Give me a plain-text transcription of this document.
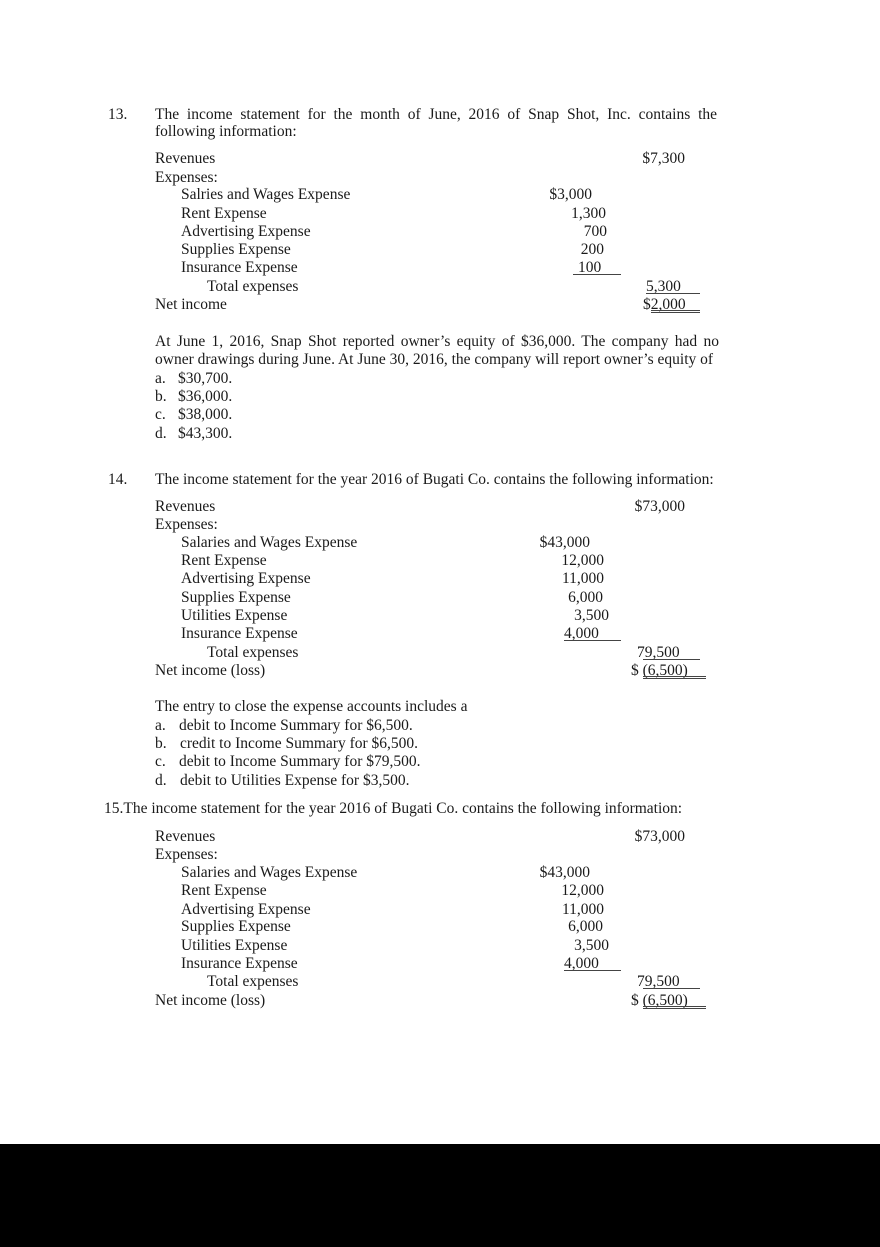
13. The income statement for the month of June, 2016 of Snap Shot, Inc. contains the
following information:
Revenues	$7,300
Expenses:
Salries and Wages Expense	$3,000
Rent Expense	1,300
Advertising Expense	700
Supplies Expense	200
Insurance Expense	100
Total expenses	5,300
Net income	$2,000
At June 1, 2016, Snap Shot reported owner’s equity of $36,000. The company had no
owner drawings during June. At June 30, 2016, the company will report owner’s equity of
a. $30,700.
b. $36,000.
c. $38,000.
d. $43,300.
14. The income statement for the year 2016 of Bugati Co. contains the following information:
Revenues	$73,000
Expenses:
Salaries and Wages Expense	$43,000
Rent Expense	12,000
Advertising Expense	11,000
Supplies Expense	6,000
Utilities Expense	3,500
Insurance Expense	4,000
Total expenses	79,500
Net income (loss)	$ (6,500)
The entry to close the expense accounts includes a
a. debit to Income Summary for $6,500.
b. credit to Income Summary for $6,500.
c. debit to Income Summary for $79,500.
d. debit to Utilities Expense for $3,500.
15.The income statement for the year 2016 of Bugati Co. contains the following information:
Revenues	$73,000
Expenses:
Salaries and Wages Expense	$43,000
Rent Expense	12,000
Advertising Expense	11,000
Supplies Expense	6,000
Utilities Expense	3,500
Insurance Expense	4,000
Total expenses	79,500
Net income (loss)	$ (6,500)
